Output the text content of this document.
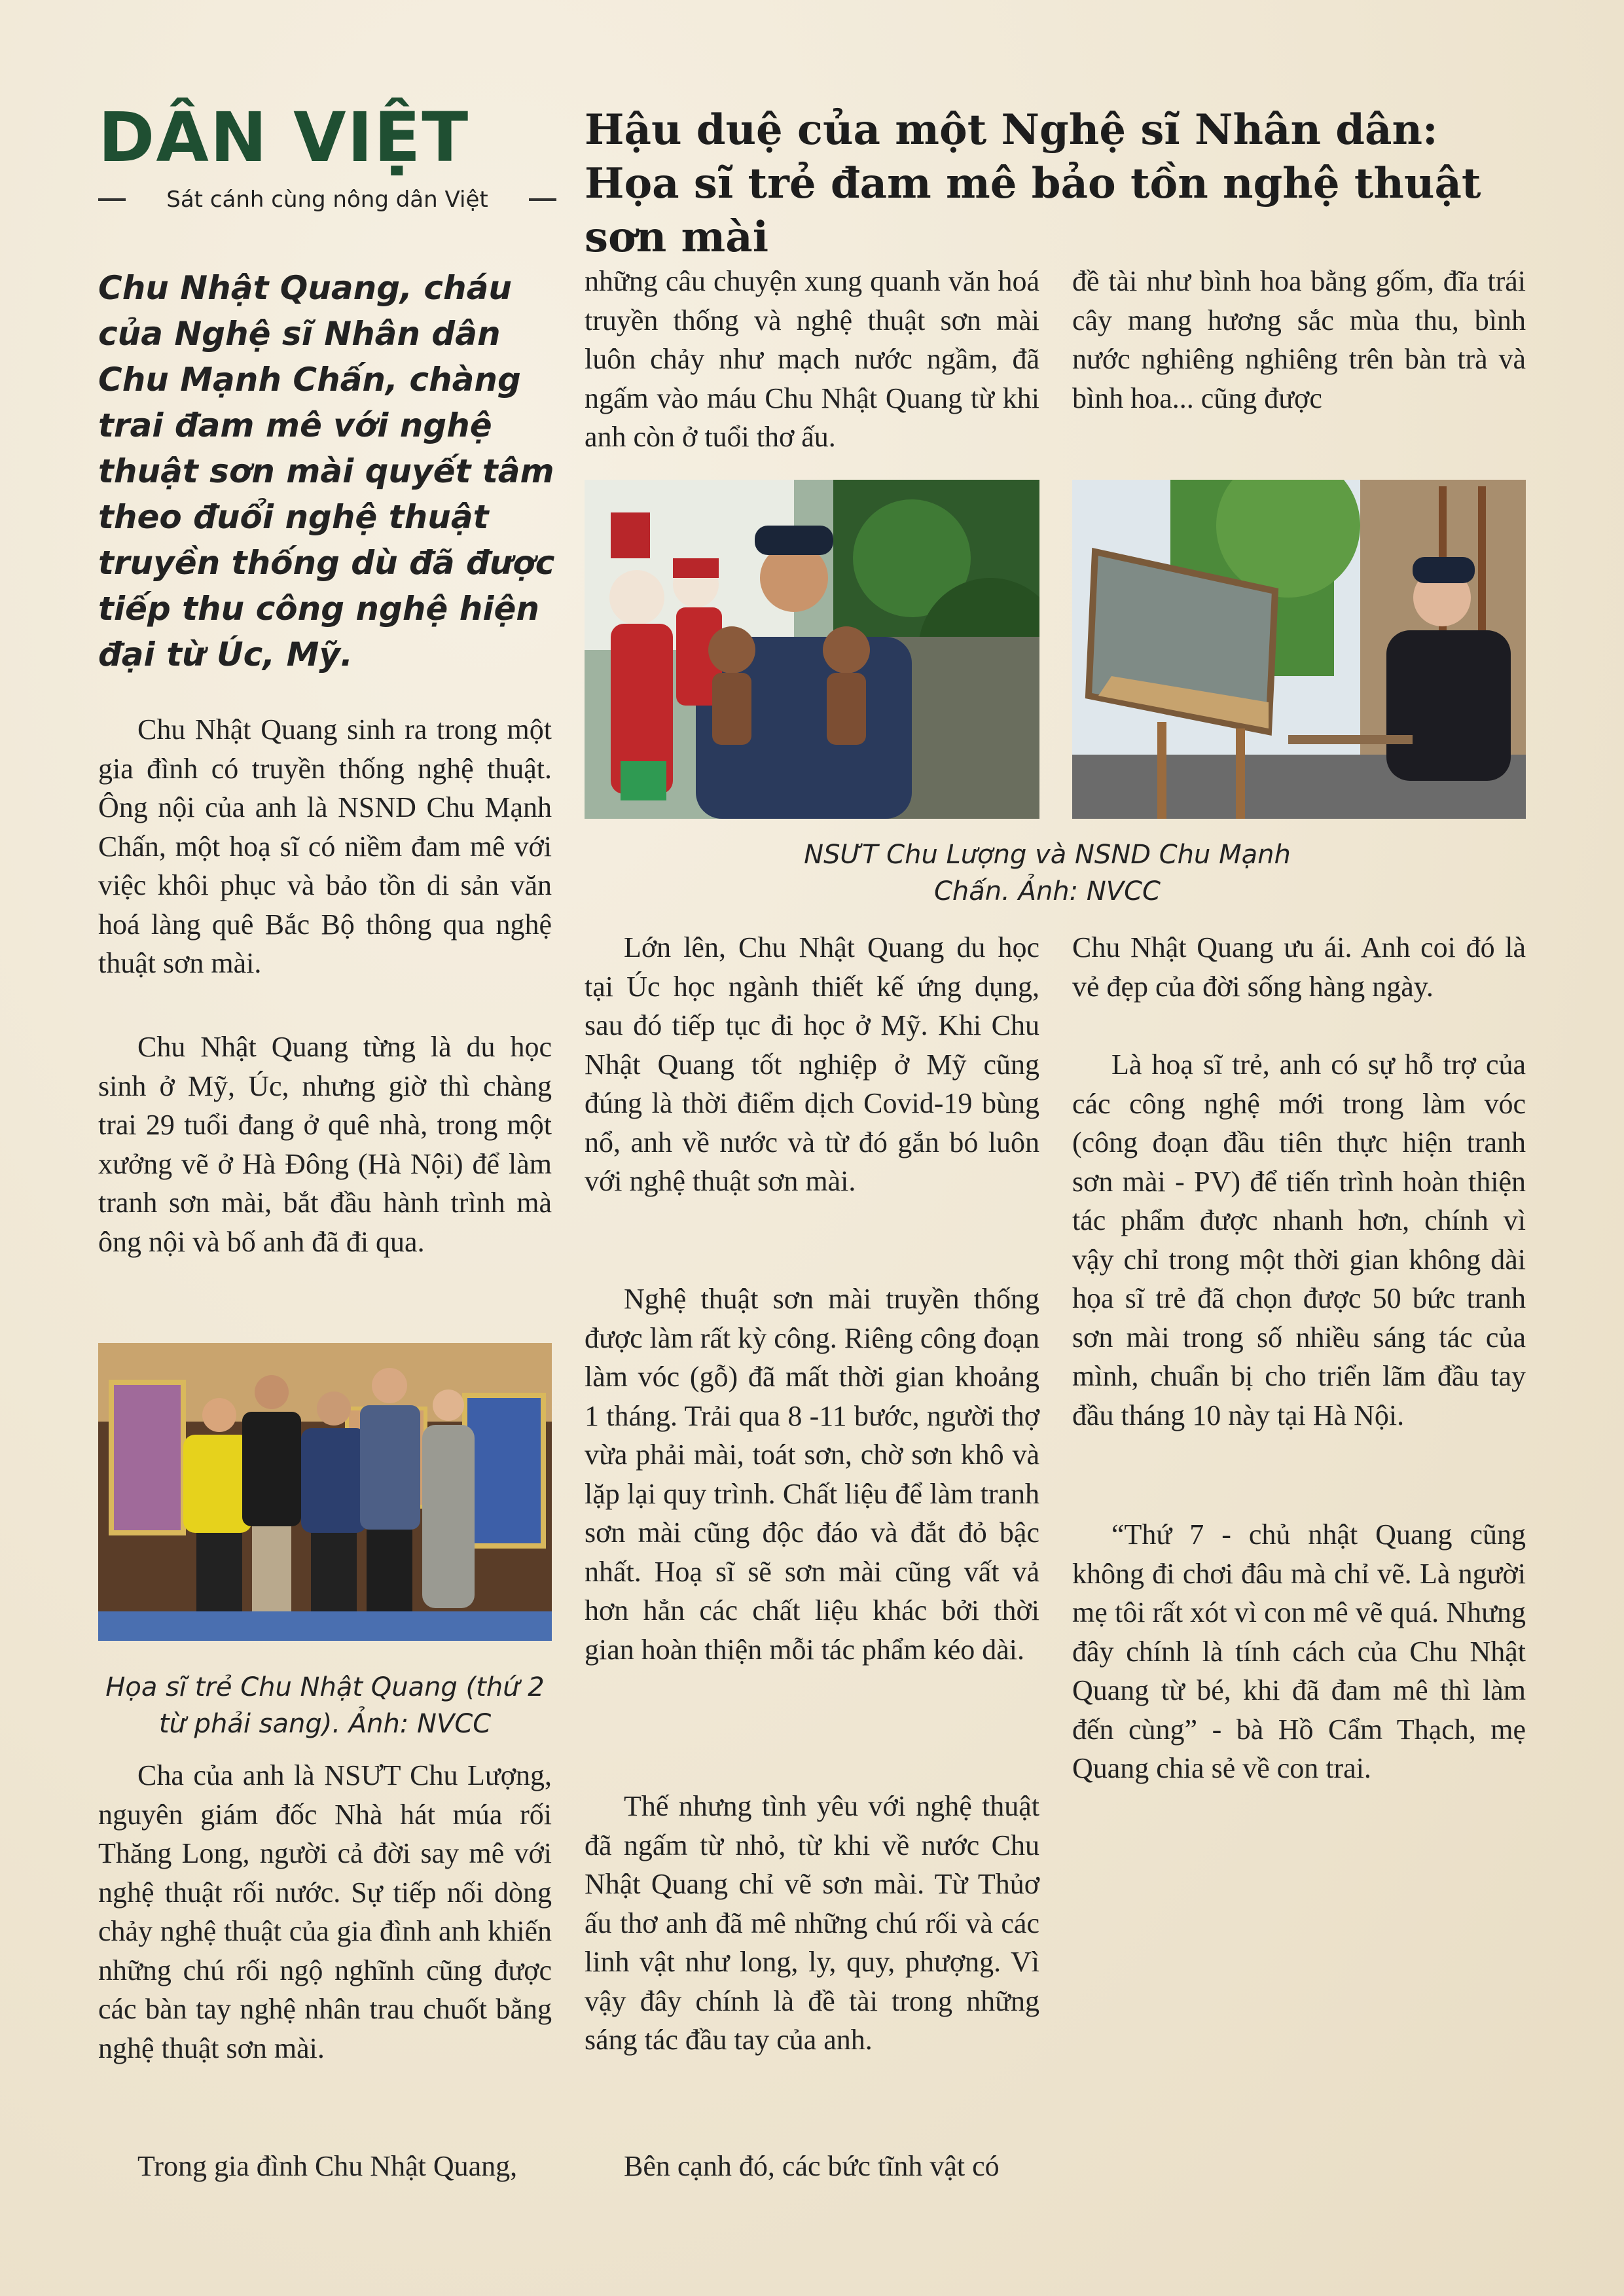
DÂN VIỆT
Sát cánh cùng nông dân Việt
Hậu duệ của một Nghệ sĩ Nhân dân: Họa sĩ trẻ đam mê bảo tồn nghệ thuật sơn mài

Chu Nhật Quang, cháu của Nghệ sĩ Nhân dân Chu Mạnh Chấn, chàng trai đam mê với nghệ thuật sơn mài quyết tâm theo đuổi nghệ thuật truyền thống dù đã được tiếp thu công nghệ hiện đại từ Úc, Mỹ.

Chu Nhật Quang sinh ra trong một gia đình có truyền thống nghệ thuật. Ông nội của anh là NSND Chu Mạnh Chấn, một hoạ sĩ có niềm đam mê với việc khôi phục và bảo tồn di sản văn hoá làng quê Bắc Bộ thông qua nghệ thuật sơn mài.

Chu Nhật Quang từng là du học sinh ở Mỹ, Úc, nhưng giờ thì chàng trai 29 tuổi đang ở quê nhà, trong một xưởng vẽ ở Hà Đông (Hà Nội) để làm tranh sơn mài, bắt đầu hành trình mà ông nội và bố anh đã đi qua.

Họa sĩ trẻ Chu Nhật Quang (thứ 2 từ phải sang). Ảnh: NVCC

Cha của anh là NSƯT Chu Lượng, nguyên giám đốc Nhà hát múa rối Thăng Long, người cả đời say mê với nghệ thuật rối nước. Sự tiếp nối dòng chảy nghệ thuật của gia đình anh khiến những chú rối ngộ nghĩnh cũng được các bàn tay nghệ nhân trau chuốt bằng nghệ thuật sơn mài.

Trong gia đình Chu Nhật Quang,

những câu chuyện xung quanh văn hoá truyền thống và nghệ thuật sơn mài luôn chảy như mạch nước ngầm, đã ngấm vào máu Chu Nhật Quang từ khi anh còn ở tuổi thơ ấu.

Lớn lên, Chu Nhật Quang du học tại Úc học ngành thiết kế ứng dụng, sau đó tiếp tục đi học ở Mỹ. Khi Chu Nhật Quang tốt nghiệp ở Mỹ cũng đúng là thời điểm dịch Covid-19 bùng nổ, anh về nước và từ đó gắn bó luôn với nghệ thuật sơn mài.

Nghệ thuật sơn mài truyền thống được làm rất kỳ công. Riêng công đoạn làm vóc (gỗ) đã mất thời gian khoảng 1 tháng. Trải qua 8 -11 bước, người thợ vừa phải mài, toát sơn, chờ sơn khô và lặp lại quy trình. Chất liệu để làm tranh sơn mài cũng độc đáo và đắt đỏ bậc nhất. Hoạ sĩ sẽ sơn mài cũng vất vả hơn hẳn các chất liệu khác bởi thời gian hoàn thiện mỗi tác phẩm kéo dài.

Thế nhưng tình yêu với nghệ thuật đã ngấm từ nhỏ, từ khi về nước Chu Nhật Quang chỉ vẽ sơn mài. Từ Thủơ ấu thơ anh đã mê những chú rối và các linh vật như long, ly, quy, phượng. Vì vậy đây chính là đề tài trong những sáng tác đầu tay của anh.

Bên cạnh đó, các bức tĩnh vật có

đề tài như bình hoa bằng gốm, đĩa trái cây mang hương sắc mùa thu, bình nước nghiêng nghiêng trên bàn trà và bình hoa... cũng được

NSƯT Chu Lượng và NSND Chu Mạnh Chấn. Ảnh: NVCC

Chu Nhật Quang ưu ái. Anh coi đó là vẻ đẹp của đời sống hàng ngày.

Là hoạ sĩ trẻ, anh có sự hỗ trợ của các công nghệ mới trong làm vóc (công đoạn đầu tiên thực hiện tranh sơn mài - PV) để tiến trình hoàn thiện tác phẩm được nhanh hơn, chính vì vậy chỉ trong một thời gian không dài họa sĩ trẻ đã chọn được 50 bức tranh sơn mài trong số nhiều sáng tác của mình, chuẩn bị cho triển lãm đầu tay đầu tháng 10 này tại Hà Nội.

“Thứ 7 - chủ nhật Quang cũng không đi chơi đâu mà chỉ vẽ. Là người mẹ tôi rất xót vì con mê vẽ quá. Nhưng đây chính là tính cách của Chu Nhật Quang từ bé, khi đã đam mê thì làm đến cùng” - bà Hồ Cẩm Thạch, mẹ Quang chia sẻ về con trai.
